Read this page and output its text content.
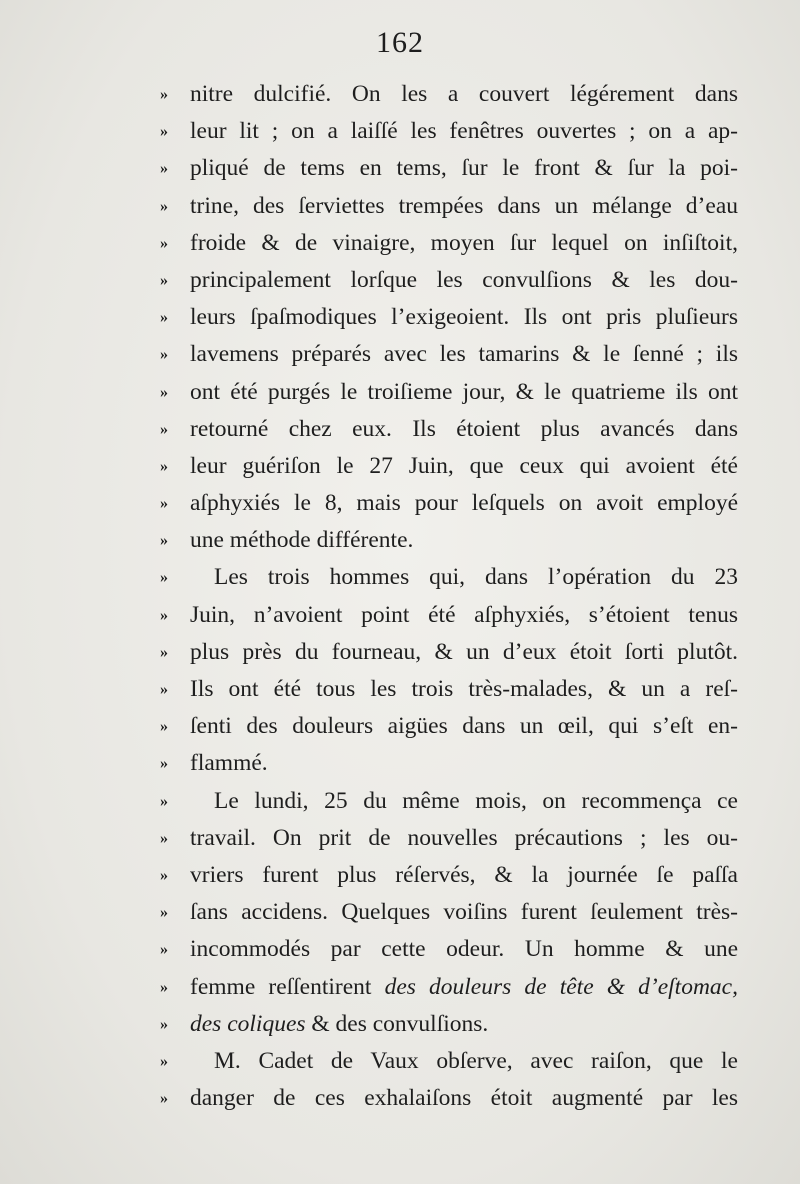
162
» nitre dulcifié. On les a couvert légérement dans
» leur lit ; on a laiſſé les fenêtres ouvertes ; on a ap-
» pliqué de tems en tems, ſur le front & ſur la poi-
» trine, des ſerviettes trempées dans un mélange d’eau
» froide & de vinaigre, moyen ſur lequel on inſiſtoit,
» principalement lorſque les convulſions & les dou-
» leurs ſpaſmodiques l’exigeoient. Ils ont pris pluſieurs
» lavemens préparés avec les tamarins & le ſenné ; ils
» ont été purgés le troiſieme jour, & le quatrieme ils ont
» retourné chez eux. Ils étoient plus avancés dans
» leur guériſon le 27 Juin, que ceux qui avoient été
» aſphyxiés le 8, mais pour leſquels on avoit employé
» une méthode différente.
»	Les trois hommes qui, dans l’opération du 23
» Juin, n’avoient point été aſphyxiés, s’étoient tenus
» plus près du fourneau, & un d’eux étoit ſorti plutôt.
» Ils ont été tous les trois très-malades, & un a reſ-
» ſenti des douleurs aigües dans un œil, qui s’eſt en-
» flammé.
»	Le lundi, 25 du même mois, on recommença ce
» travail. On prit de nouvelles précautions ; les ou-
» vriers furent plus réſervés, & la journée ſe paſſa
» ſans accidens. Quelques voiſins furent ſeulement très-
» incommodés par cette odeur. Un homme & une
» femme reſſentirent des douleurs de tête & d’eſtomac,
» des coliques & des convulſions.
»	M. Cadet de Vaux obſerve, avec raiſon, que le
» danger de ces exhalaiſons étoit augmenté par les
